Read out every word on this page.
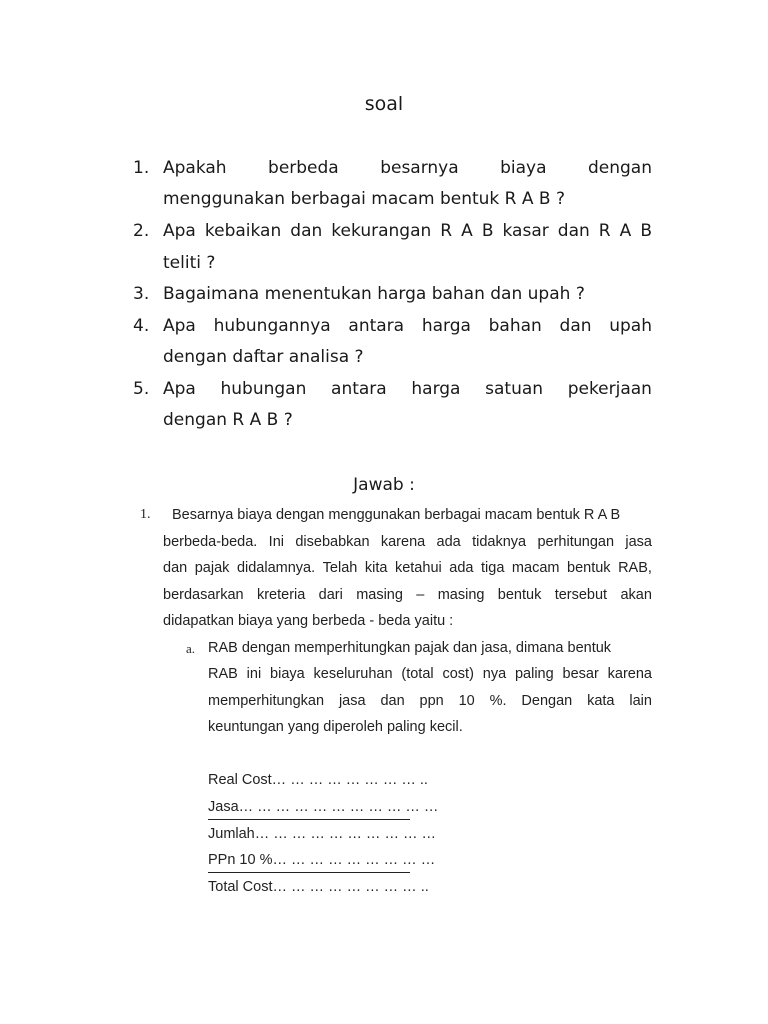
soal
1. Apakah berbeda besarnya biaya dengan
menggunakan berbagai macam bentuk R A B ?
2. Apa kebaikan dan kekurangan R A B kasar dan R A B
teliti ?
3. Bagaimana menentukan harga bahan dan upah ?
4. Apa hubungannya antara harga bahan dan upah
dengan daftar analisa ?
5. Apa hubungan antara harga satuan pekerjaan
dengan R A B ?
Jawab :
1. Besarnya biaya dengan menggunakan berbagai macam bentuk R A B
berbeda-beda. Ini disebabkan karena ada tidaknya perhitungan jasa
dan pajak didalamnya. Telah kita ketahui ada tiga macam bentuk RAB,
berdasarkan kreteria dari masing – masing bentuk tersebut akan
didapatkan biaya yang berbeda - beda yaitu :
a. RAB dengan memperhitungkan pajak dan jasa, dimana bentuk
RAB ini biaya keseluruhan (total cost) nya paling besar karena
memperhitungkan jasa dan ppn 10 %. Dengan kata lain
keuntungan yang diperoleh paling kecil.
Real Cost… … … … … … … … ..
Jasa… … … … … … … … … … …
Jumlah… … … … … … … … … …
PPn 10 %… … … … … … … … …
Total Cost… … … … … … … … ..
